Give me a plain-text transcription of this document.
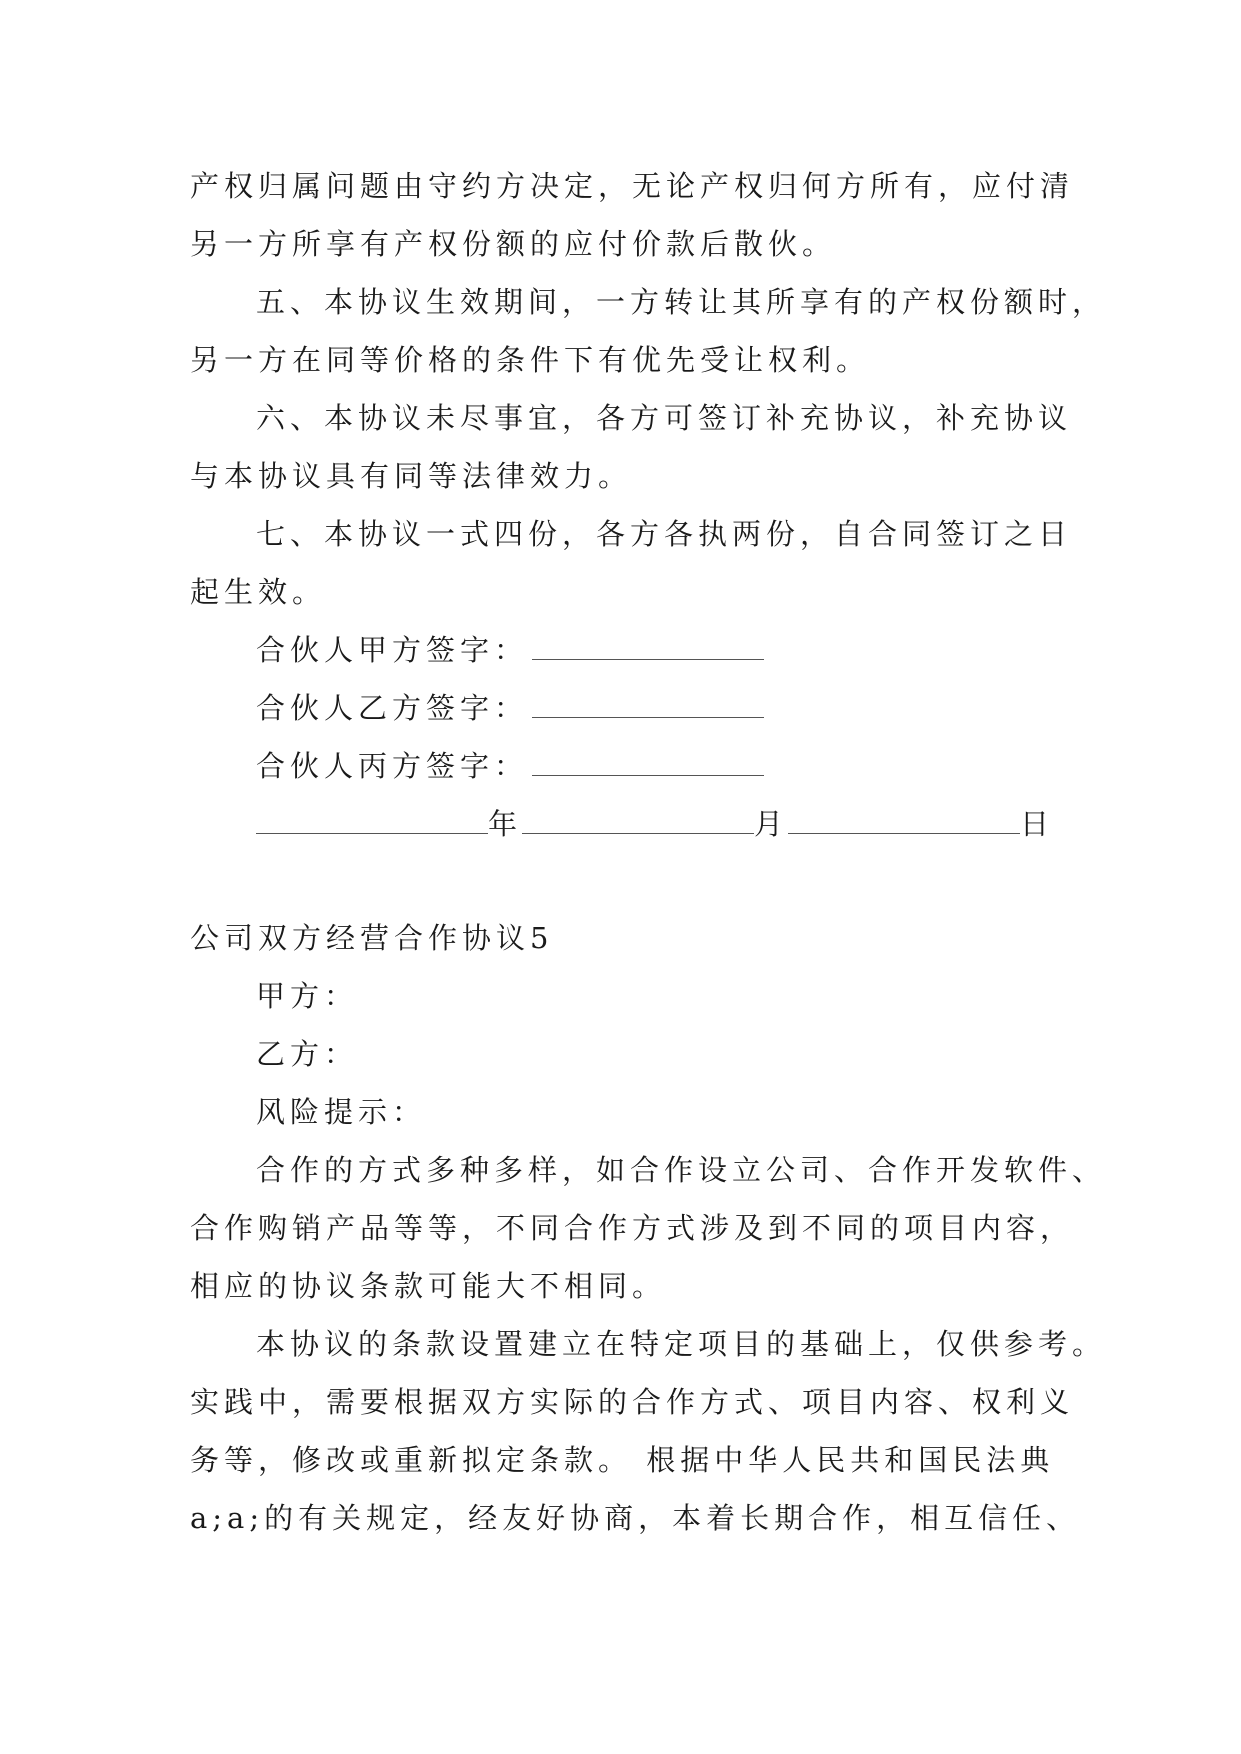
产权归属问题由守约方决定，无论产权归何方所有，应付清
另一方所享有产权份额的应付价款后散伙。
五、本协议生效期间，一方转让其所享有的产权份额时，
另一方在同等价格的条件下有优先受让权利。
六、本协议未尽事宜，各方可签订补充协议，补充协议
与本协议具有同等法律效力。
七、本协议一式四份，各方各执两份，自合同签订之日
起生效。
合伙人甲方签字：
合伙人乙方签字：
合伙人丙方签字：
年	月	日
公司双方经营合作协议5
甲方：
乙方：
风险提示：
合作的方式多种多样，如合作设立公司、合作开发软件、
合作购销产品等等，不同合作方式涉及到不同的项目内容，
相应的协议条款可能大不相同。
本协议的条款设置建立在特定项目的基础上，仅供参考。
实践中，需要根据双方实际的合作方式、项目内容、权利义
务等，修改或重新拟定条款。 根据中华人民共和国民法典
a;a;的有关规定，经友好协商，本着长期合作，相互信任、
